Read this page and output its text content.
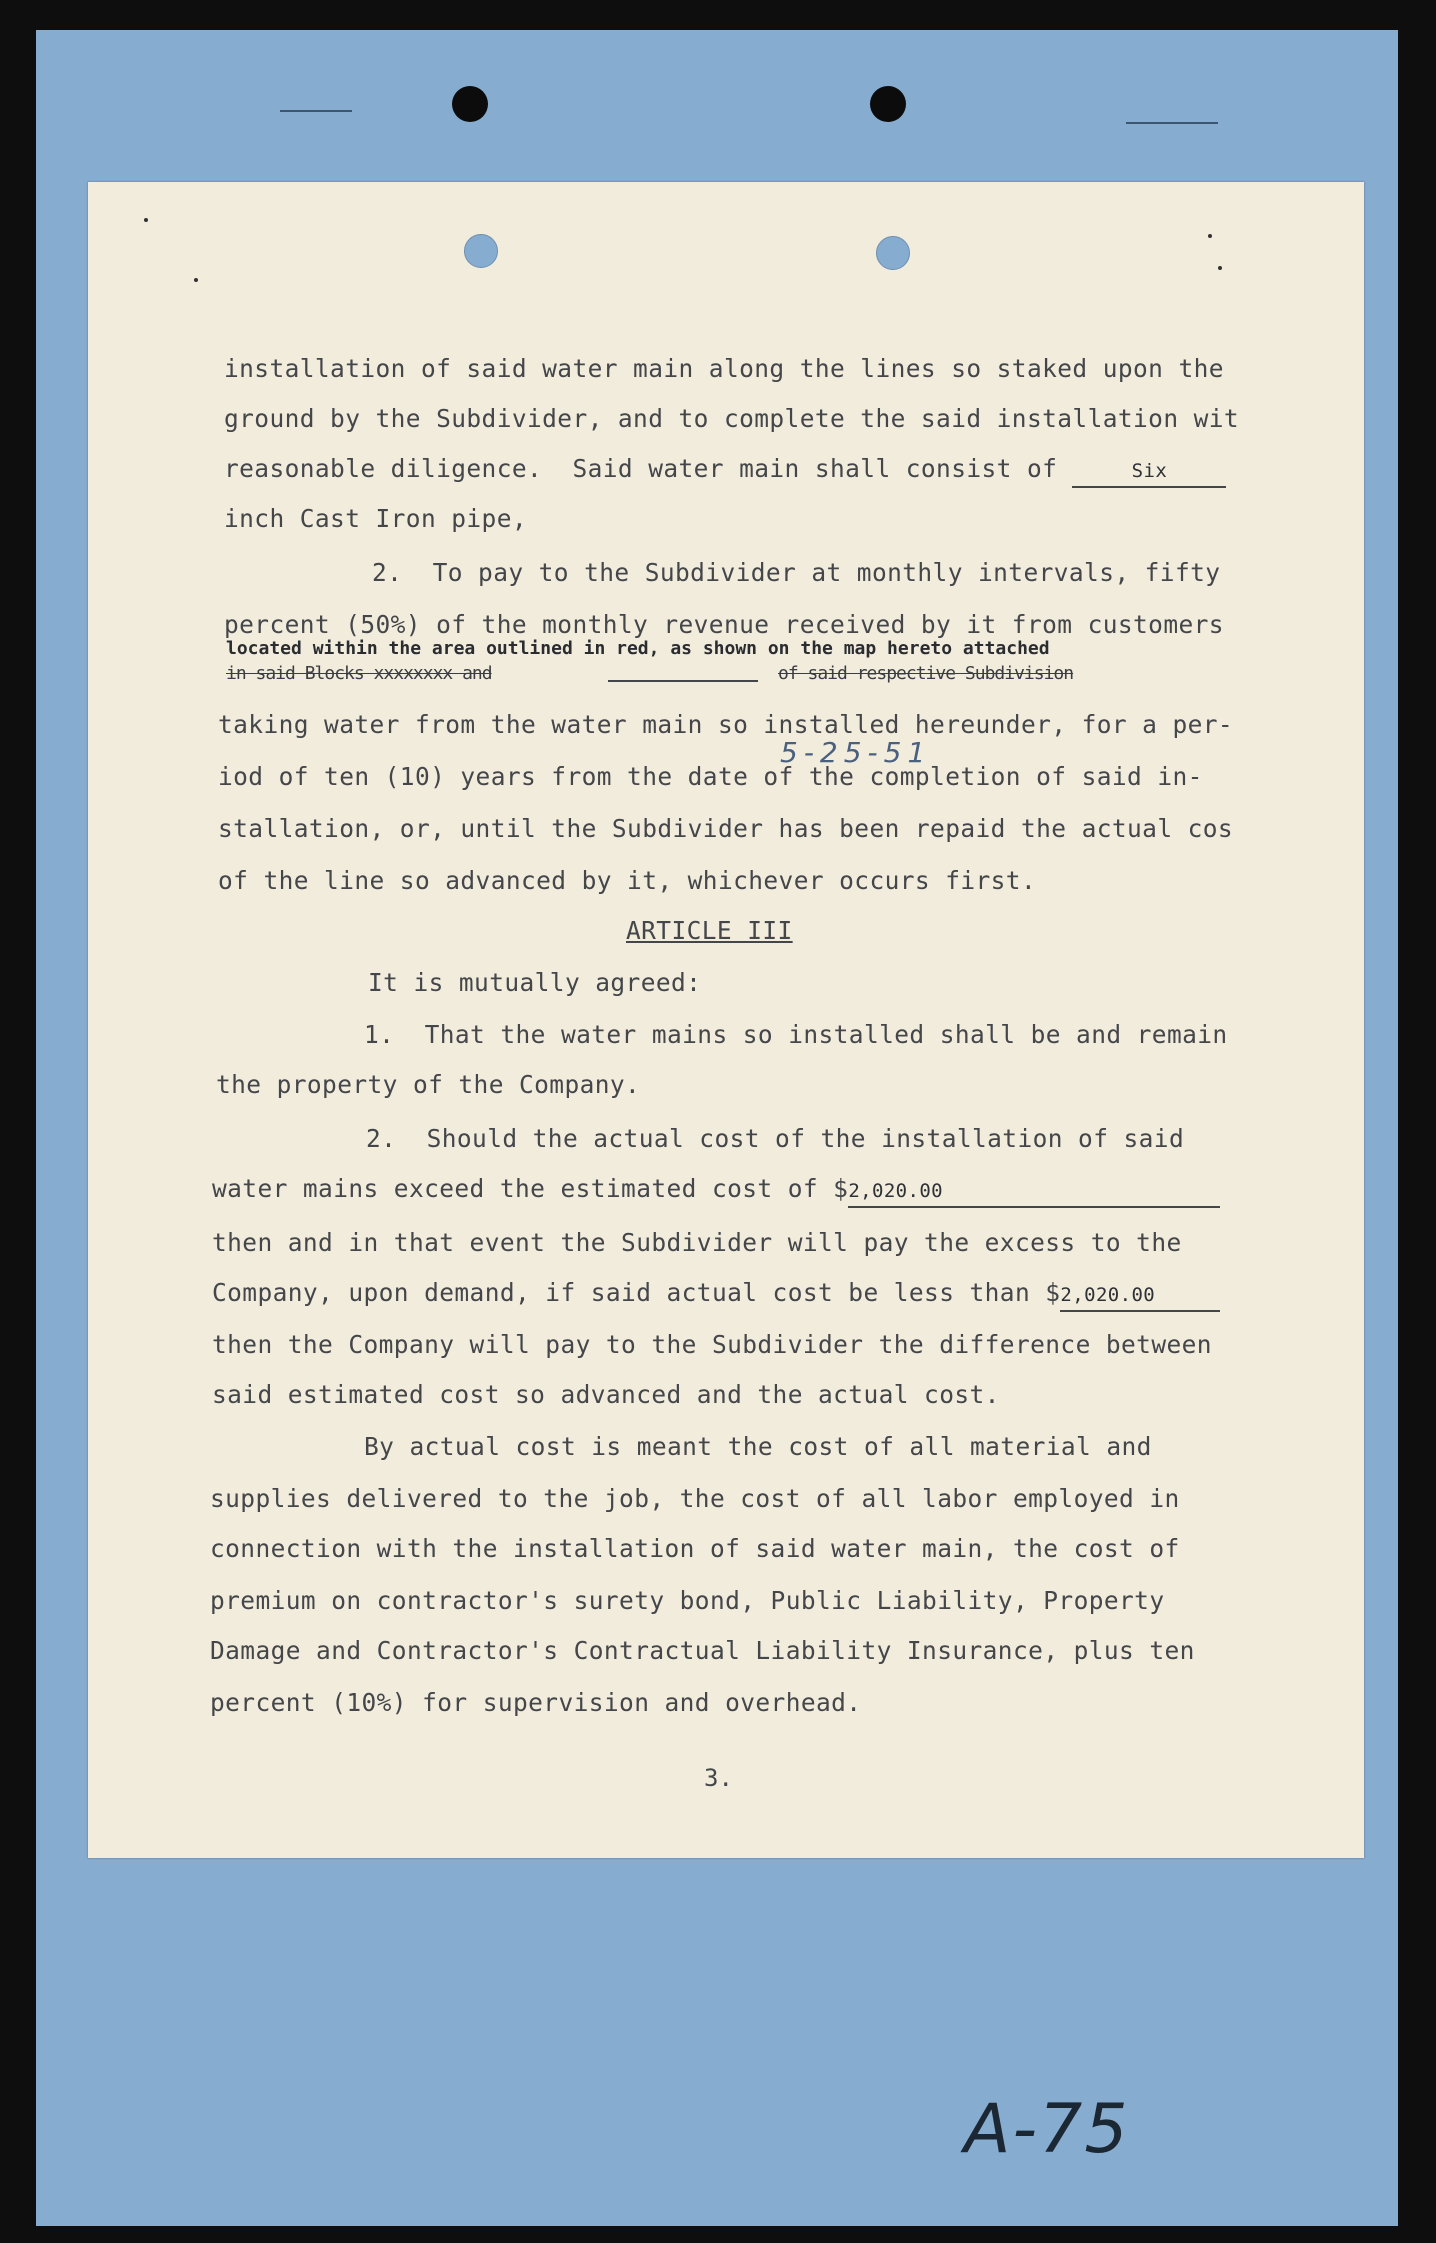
A-75
installation of said water main along the lines so staked upon the
ground by the Subdivider, and to complete the said installation wit
reasonable diligence.  Said water main shall consist of	Six
inch Cast Iron pipe,
2.  To pay to the Subdivider at monthly intervals, fifty
percent (50%) of the monthly revenue received by it from customers
located within the area outlined in red, as shown on the map hereto attached
in said Blocks xxxxxxxx and	of said respective Subdivision
taking water from the water main so installed hereunder, for a per-
5-25-51
iod of ten (10) years from the date of the completion of said in-
stallation, or, until the Subdivider has been repaid the actual cos
of the line so advanced by it, whichever occurs first.
ARTICLE III
It is mutually agreed:
1.  That the water mains so installed shall be and remain
the property of the Company.
2.  Should the actual cost of the installation of said
water mains exceed the estimated cost of $2,020.00
then and in that event the Subdivider will pay the excess to the
Company, upon demand, if said actual cost be less than $2,020.00
then the Company will pay to the Subdivider the difference between
said estimated cost so advanced and the actual cost.
By actual cost is meant the cost of all material and
supplies delivered to the job, the cost of all labor employed in
connection with the installation of said water main, the cost of
premium on contractor's surety bond, Public Liability, Property
Damage and Contractor's Contractual Liability Insurance, plus ten
percent (10%) for supervision and overhead.
3.
